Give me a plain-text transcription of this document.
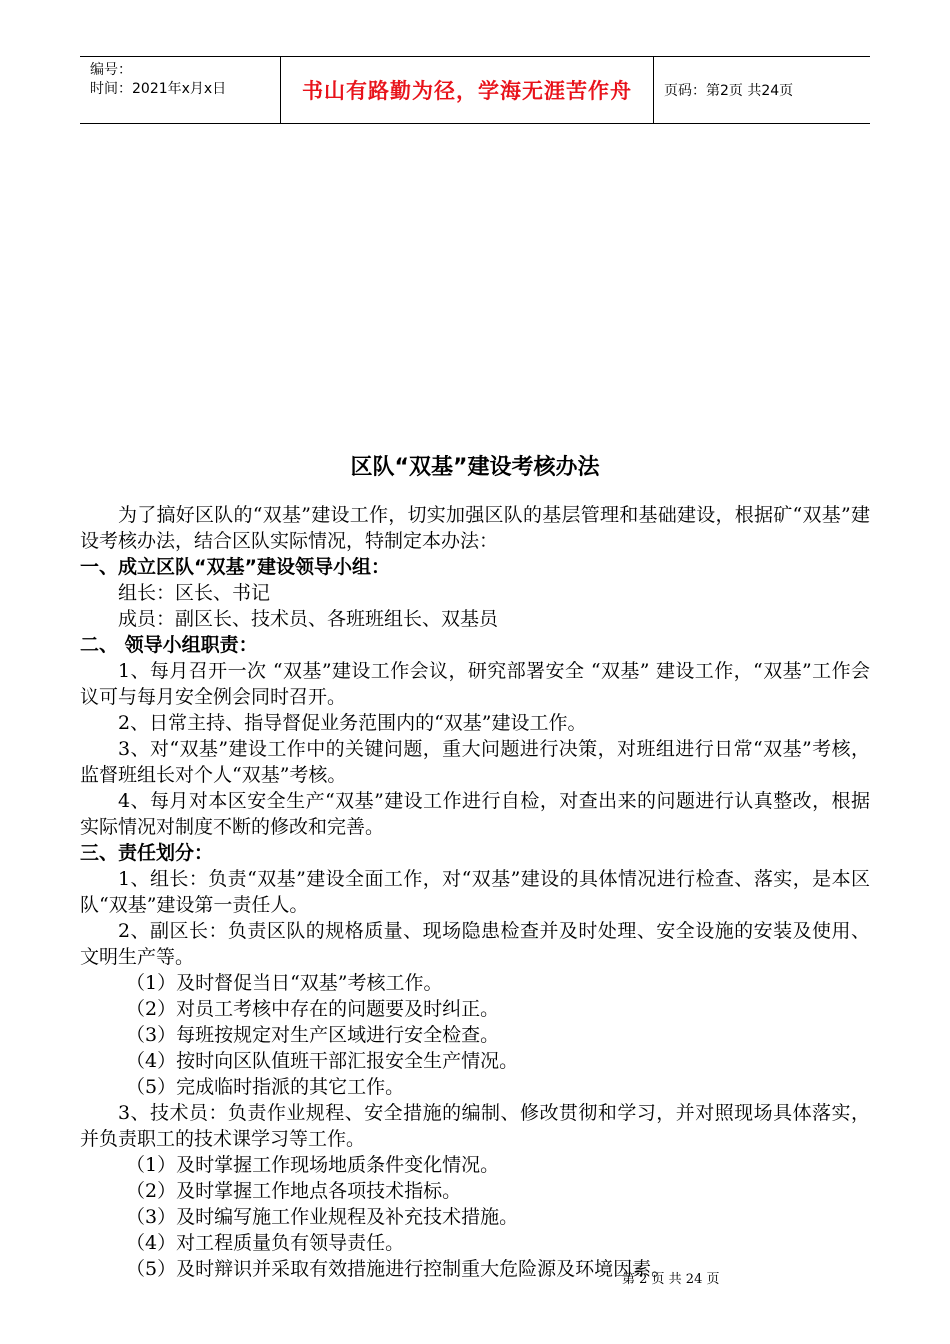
编号：
时间：2021年x月x日	书山有路勤为径，学海无涯苦作舟	页码：第2页 共24页
区队“双基”建设考核办法

为了搞好区队的“双基”建设工作，切实加强区队的基层管理和基础建设，根据矿“双基”建设考核办法，结合区队实际情况，特制定本办法：

一、成立区队“双基”建设领导小组：

组长：区长、书记

成员：副区长、技术员、各班班组长、双基员

二、 领导小组职责：

1、每月召开一次 “双基”建设工作会议，研究部署安全 “双基” 建设工作，“双基”工作会议可与每月安全例会同时召开。

2、日常主持、指导督促业务范围内的“双基”建设工作。

3、对“双基”建设工作中的关键问题，重大问题进行决策，对班组进行日常“双基”考核，监督班组长对个人“双基”考核。

4、每月对本区安全生产“双基”建设工作进行自检，对查出来的问题进行认真整改，根据实际情况对制度不断的修改和完善。

三、责任划分：

1、组长：负责“双基”建设全面工作，对“双基”建设的具体情况进行检查、落实，是本区队“双基”建设第一责任人。

2、副区长：负责区队的规格质量、现场隐患检查并及时处理、安全设施的安装及使用、文明生产等。

（1）及时督促当日“双基”考核工作。

（2）对员工考核中存在的问题要及时纠正。

（3）每班按规定对生产区域进行安全检查。

（4）按时向区队值班干部汇报安全生产情况。

（5）完成临时指派的其它工作。

3、技术员：负责作业规程、安全措施的编制、修改贯彻和学习，并对照现场具体落实，并负责职工的技术课学习等工作。

（1）及时掌握工作现场地质条件变化情况。

（2）及时掌握工作地点各项技术指标。

（3）及时编写施工作业规程及补充技术措施。

（4）对工程质量负有领导责任。

（5）及时辩识并采取有效措施进行控制重大危险源及环境因素。

第 2 页 共 24 页
